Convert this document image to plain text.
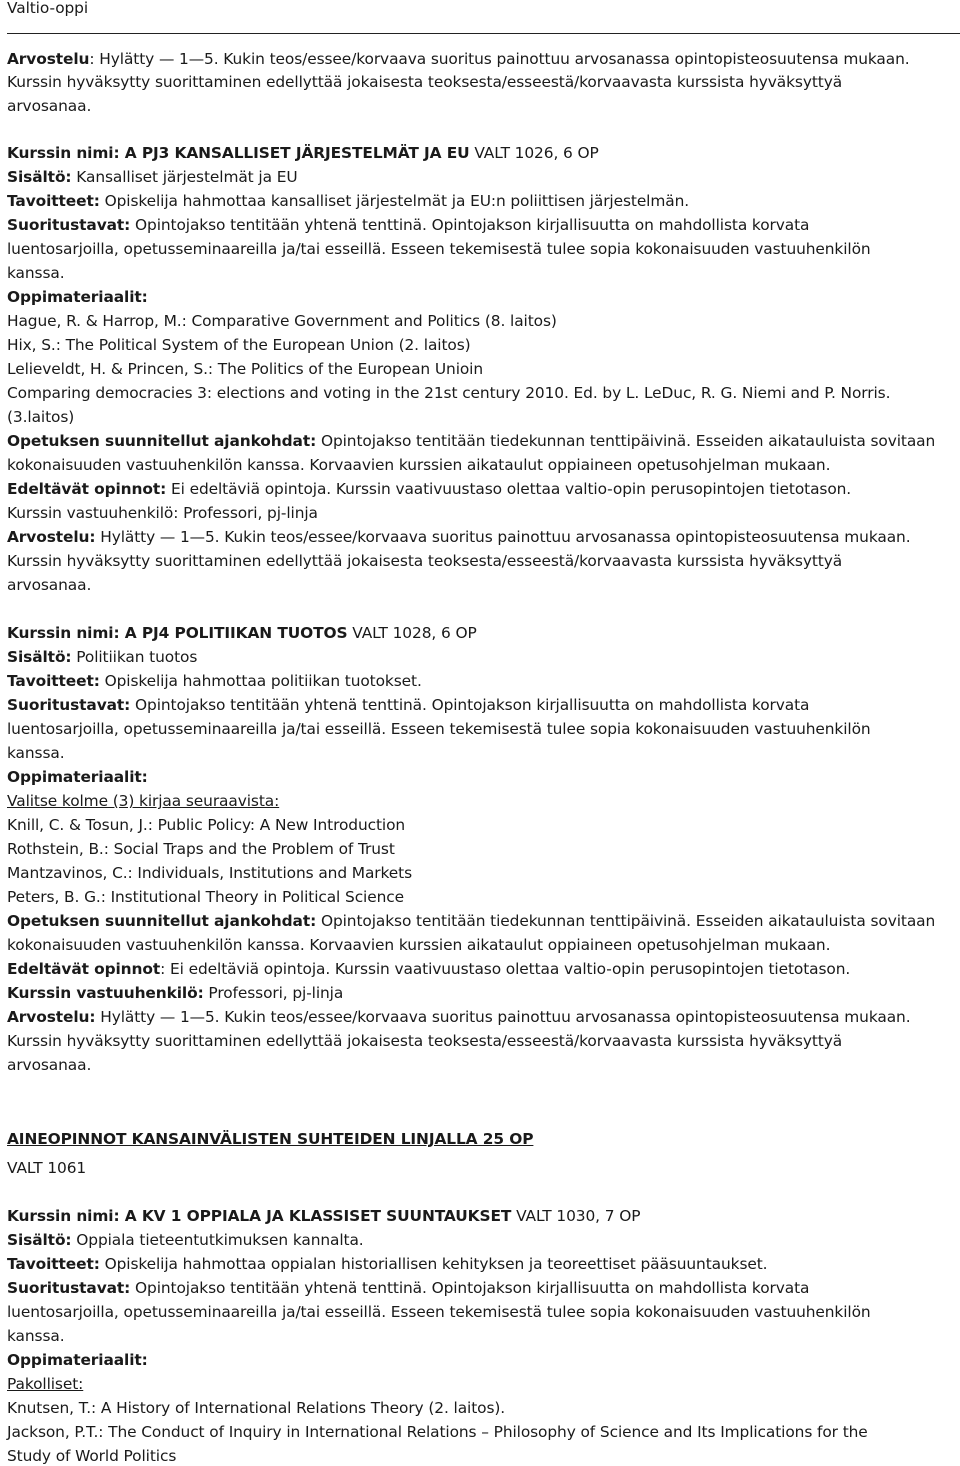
Valtio-oppi
Arvostelu: Hylätty — 1—5. Kukin teos/essee/korvaava suoritus painottuu arvosanassa opintopisteosuutensa mukaan.
Kurssin hyväksytty suorittaminen edellyttää jokaisesta teoksesta/esseestä/korvaavasta kurssista hyväksyttyä
arvosanaa.
Kurssin nimi: A PJ3 KANSALLISET JÄRJESTELMÄT JA EU VALT 1026, 6 OP
Sisältö: Kansalliset järjestelmät ja EU
Tavoitteet: Opiskelija hahmottaa kansalliset järjestelmät ja EU:n poliittisen järjestelmän.
Suoritustavat: Opintojakso tentitään yhtenä tenttinä. Opintojakson kirjallisuutta on mahdollista korvata
luentosarjoilla, opetusseminaareilla ja/tai esseillä. Esseen tekemisestä tulee sopia kokonaisuuden vastuuhenkilön
kanssa.
Oppimateriaalit:
Hague, R. & Harrop, M.: Comparative Government and Politics (8. laitos)
Hix, S.: The Political System of the European Union (2. laitos)
Lelieveldt, H. & Princen, S.: The Politics of the European Unioin
Comparing democracies 3: elections and voting in the 21st century 2010. Ed. by L. LeDuc, R. G. Niemi and P. Norris.
(3.laitos)
Opetuksen suunnitellut ajankohdat: Opintojakso tentitään tiedekunnan tenttipäivinä. Esseiden aikatauluista sovitaan
kokonaisuuden vastuuhenkilön kanssa. Korvaavien kurssien aikataulut oppiaineen opetusohjelman mukaan.
Edeltävät opinnot: Ei edeltäviä opintoja. Kurssin vaativuustaso olettaa valtio-opin perusopintojen tietotason.
Kurssin vastuuhenkilö: Professori, pj-linja
Arvostelu: Hylätty — 1—5. Kukin teos/essee/korvaava suoritus painottuu arvosanassa opintopisteosuutensa mukaan.
Kurssin hyväksytty suorittaminen edellyttää jokaisesta teoksesta/esseestä/korvaavasta kurssista hyväksyttyä
arvosanaa.
Kurssin nimi: A PJ4 POLITIIKAN TUOTOS VALT 1028, 6 OP
Sisältö: Politiikan tuotos
Tavoitteet: Opiskelija hahmottaa politiikan tuotokset.
Suoritustavat: Opintojakso tentitään yhtenä tenttinä. Opintojakson kirjallisuutta on mahdollista korvata
luentosarjoilla, opetusseminaareilla ja/tai esseillä. Esseen tekemisestä tulee sopia kokonaisuuden vastuuhenkilön
kanssa.
Oppimateriaalit:
Valitse kolme (3) kirjaa seuraavista:
Knill, C. & Tosun, J.: Public Policy: A New Introduction
Rothstein, B.: Social Traps and the Problem of Trust
Mantzavinos, C.: Individuals, Institutions and Markets
Peters, B. G.: Institutional Theory in Political Science
Opetuksen suunnitellut ajankohdat: Opintojakso tentitään tiedekunnan tenttipäivinä. Esseiden aikatauluista sovitaan
kokonaisuuden vastuuhenkilön kanssa. Korvaavien kurssien aikataulut oppiaineen opetusohjelman mukaan.
Edeltävät opinnot: Ei edeltäviä opintoja. Kurssin vaativuustaso olettaa valtio-opin perusopintojen tietotason.
Kurssin vastuuhenkilö: Professori, pj-linja
Arvostelu: Hylätty — 1—5. Kukin teos/essee/korvaava suoritus painottuu arvosanassa opintopisteosuutensa mukaan.
Kurssin hyväksytty suorittaminen edellyttää jokaisesta teoksesta/esseestä/korvaavasta kurssista hyväksyttyä
arvosanaa.
AINEOPINNOT KANSAINVÄLISTEN SUHTEIDEN LINJALLA 25 OP
VALT 1061
Kurssin nimi: A KV 1 OPPIALA JA KLASSISET SUUNTAUKSET VALT 1030, 7 OP
Sisältö: Oppiala tieteentutkimuksen kannalta.
Tavoitteet: Opiskelija hahmottaa oppialan historiallisen kehityksen ja teoreettiset pääsuuntaukset.
Suoritustavat: Opintojakso tentitään yhtenä tenttinä. Opintojakson kirjallisuutta on mahdollista korvata
luentosarjoilla, opetusseminaareilla ja/tai esseillä. Esseen tekemisestä tulee sopia kokonaisuuden vastuuhenkilön
kanssa.
Oppimateriaalit:
Pakolliset:
Knutsen, T.: A History of International Relations Theory (2. laitos).
Jackson, P.T.: The Conduct of Inquiry in International Relations – Philosophy of Science and Its Implications for the
Study of World Politics
